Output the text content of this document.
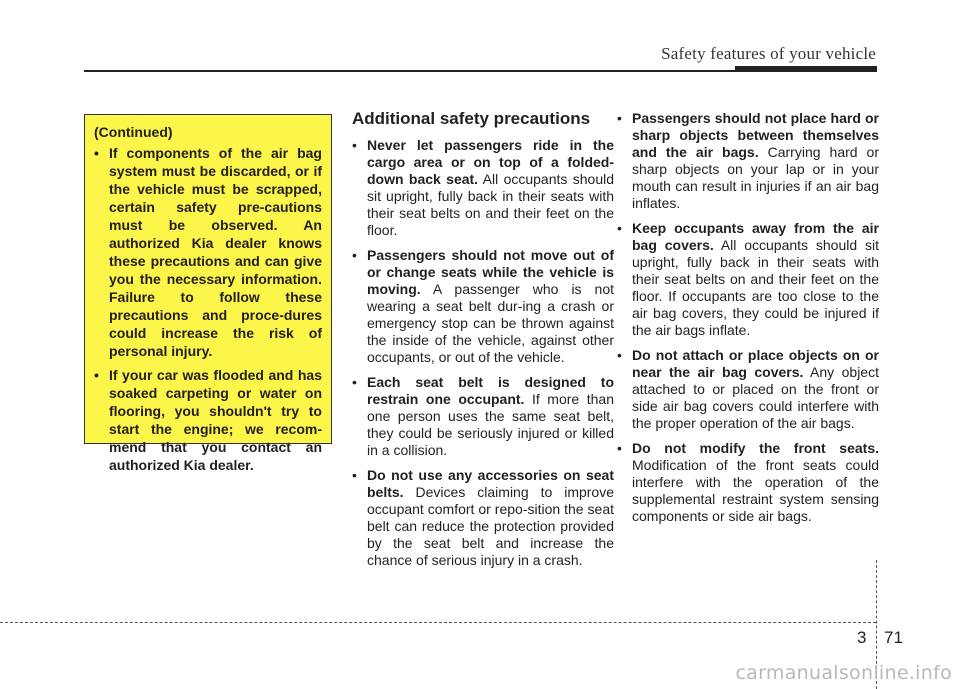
Safety features of your vehicle
(Continued)
• If components of the air bag system must be discarded, or if the vehicle must be scrapped, certain safety pre-cautions must be observed. An authorized Kia dealer knows these precautions and can give you the necessary information. Failure to follow these precautions and proce-dures could increase the risk of personal injury.
• If your car was flooded and has soaked carpeting or water on flooring, you shouldn't try to start the engine; we recom-mend that you contact an authorized Kia dealer.
Additional safety precautions
• Never let passengers ride in the cargo area or on top of a folded-down back seat. All occupants should sit upright, fully back in their seats with their seat belts on and their feet on the floor.
• Passengers should not move out of or change seats while the vehicle is moving. A passenger who is not wearing a seat belt dur-ing a crash or emergency stop can be thrown against the inside of the vehicle, against other occupants, or out of the vehicle.
• Each seat belt is designed to restrain one occupant. If more than one person uses the same seat belt, they could be seriously injured or killed in a collision.
• Do not use any accessories on seat belts. Devices claiming to improve occupant comfort or repo-sition the seat belt can reduce the protection provided by the seat belt and increase the chance of serious injury in a crash.
• Passengers should not place hard or sharp objects between themselves and the air bags. Carrying hard or sharp objects on your lap or in your mouth can result in injuries if an air bag inflates.
• Keep occupants away from the air bag covers. All occupants should sit upright, fully back in their seats with their seat belts on and their feet on the floor. If occupants are too close to the air bag covers, they could be injured if the air bags inflate.
• Do not attach or place objects on or near the air bag covers. Any object attached to or placed on the front or side air bag covers could interfere with the proper operation of the air bags.
• Do not modify the front seats. Modification of the front seats could interfere with the operation of the supplemental restraint system sensing components or side air bags.
3 71
carmanualsonline.info
